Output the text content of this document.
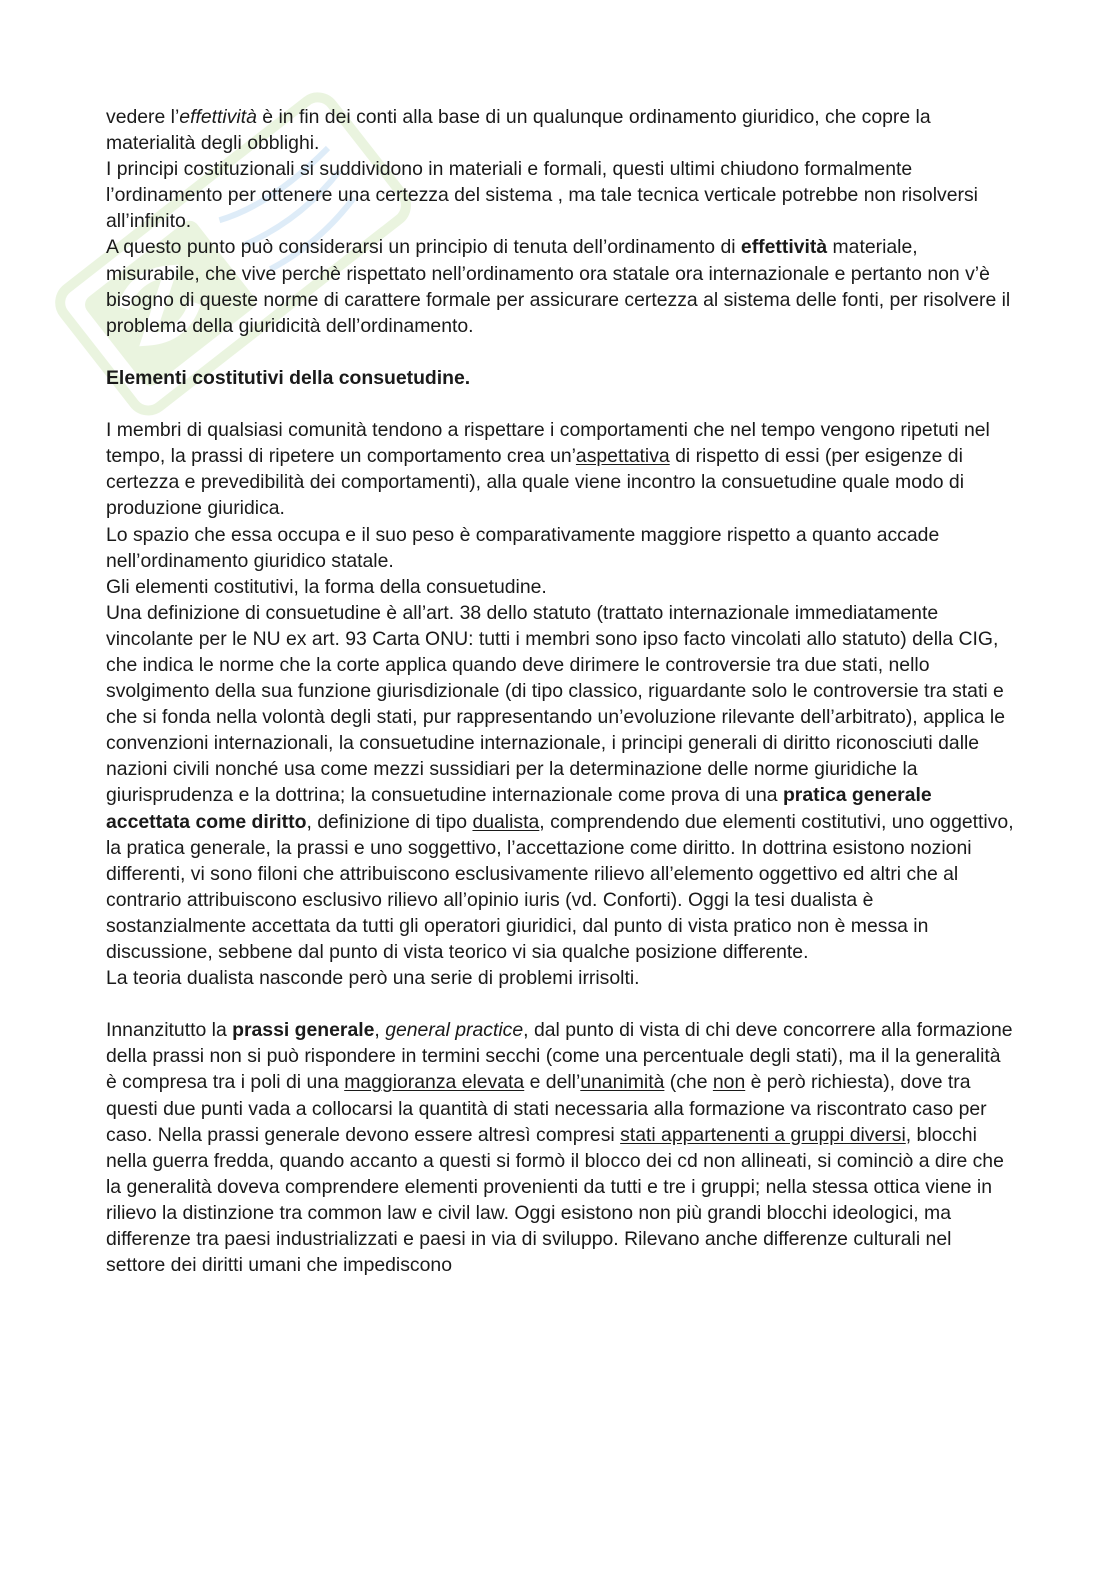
vedere l’effettività è in fin dei conti alla base di un qualunque ordinamento giuridico, che copre la materialità degli obblighi.

I principi costituzionali si suddividono in materiali e formali, questi ultimi chiudono formalmente l’ordinamento per ottenere una certezza del sistema , ma tale tecnica verticale potrebbe non risolversi all’infinito.

A questo punto può considerarsi un principio di tenuta dell’ordinamento di effettività materiale, misurabile, che vive perchè rispettato nell’ordinamento ora statale ora internazionale e pertanto non v’è bisogno di queste norme di carattere formale per assicurare certezza al sistema delle fonti, per risolvere il problema della giuridicità dell’ordinamento.

Elementi costitutivi della consuetudine.

I membri di qualsiasi comunità tendono a rispettare i comportamenti che nel tempo vengono ripetuti nel tempo, la prassi di ripetere un comportamento crea un’aspettativa di rispetto di essi (per esigenze di certezza e prevedibilità dei comportamenti), alla quale viene incontro la consuetudine quale modo di produzione giuridica.

Lo spazio che essa occupa e il suo peso è comparativamente maggiore rispetto a quanto accade nell’ordinamento giuridico statale.

Gli elementi costitutivi, la forma della consuetudine.

Una definizione di consuetudine è all’art. 38 dello statuto (trattato internazionale immediatamente vincolante per le NU ex art. 93 Carta ONU: tutti i membri sono ipso facto vincolati allo statuto) della CIG, che indica le norme che la corte applica quando deve dirimere le controversie tra due stati, nello svolgimento della sua funzione giurisdizionale (di tipo classico, riguardante solo le controversie tra stati e che si fonda nella volontà degli stati, pur rappresentando un’evoluzione rilevante dell’arbitrato), applica le convenzioni internazionali, la consuetudine internazionale, i principi generali di diritto riconosciuti dalle nazioni civili nonché usa come mezzi sussidiari per la determinazione delle norme giuridiche la giurisprudenza e la dottrina; la consuetudine internazionale come prova di una pratica generale accettata come diritto, definizione di tipo dualista, comprendendo due elementi costitutivi, uno oggettivo, la pratica generale, la prassi e uno soggettivo, l’accettazione come diritto. In dottrina esistono nozioni differenti, vi sono filoni che attribuiscono esclusivamente rilievo all’elemento oggettivo ed altri che al contrario attribuiscono esclusivo rilievo all’opinio iuris (vd. Conforti). Oggi la tesi dualista è sostanzialmente accettata da tutti gli operatori giuridici, dal punto di vista pratico non è messa in discussione, sebbene dal punto di vista teorico vi sia qualche posizione differente.

La teoria dualista nasconde però una serie di problemi irrisolti.

Innanzitutto la prassi generale, general practice, dal punto di vista di chi deve concorrere alla formazione della prassi non si può rispondere in termini secchi (come una percentuale degli stati), ma il la generalità è compresa tra i poli di una maggioranza elevata e dell’unanimità (che non è però richiesta), dove tra questi due punti vada a collocarsi la quantità di stati necessaria alla formazione va riscontrato caso per caso. Nella prassi generale devono essere altresì compresi stati appartenenti a gruppi diversi, blocchi nella guerra fredda, quando accanto a questi si formò il blocco dei cd non allineati, si cominciò a dire che la generalità doveva comprendere elementi provenienti da tutti e tre i gruppi; nella stessa ottica viene in rilievo la distinzione tra common law e civil law. Oggi esistono non più grandi blocchi ideologici, ma differenze tra paesi industrializzati e paesi in via di sviluppo. Rilevano anche differenze culturali nel settore dei diritti umani che impediscono
